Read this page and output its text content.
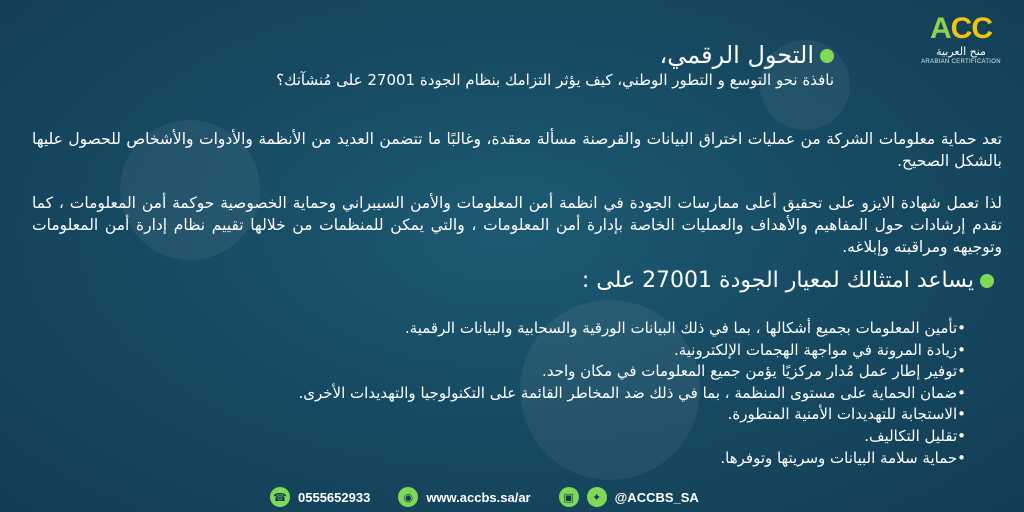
ACC
منح العربية
ARABIAN CERTIFICATION
التحول الرقمي،
نافذة نحو التوسع و التطور الوطني، كيف يؤثر التزامك بنظام الجودة 27001 على مُنشآتك؟
تعد حماية معلومات الشركة من عمليات اختراق البيانات والقرصنة مسألة معقدة، وغالبًا ما تتضمن العديد من الأنظمة والأدوات والأشخاص للحصول عليها بالشكل الصحيح.
لذا تعمل شهادة الايزو على تحقيق أعلى ممارسات الجودة في انظمة أمن المعلومات والأمن السيبراني وحماية الخصوصية حوكمة أمن المعلومات ، كما تقدم إرشادات حول المفاهيم والأهداف والعمليات الخاصة بإدارة أمن المعلومات ، والتي يمكن للمنظمات من خلالها تقييم نظام إدارة أمن المعلومات وتوجيهه ومراقبته وإبلاغه.
يساعد امتثالك لمعيار الجودة 27001 على :
•تأمين المعلومات بجميع أشكالها ، بما في ذلك البيانات الورقية والسحابية والبيانات الرقمية.
•زيادة المرونة في مواجهة الهجمات الإلكترونية.
•توفير إطار عمل مُدار مركزيًا يؤمن جميع المعلومات في مكان واحد.
•ضمان الحماية على مستوى المنظمة ، بما في ذلك ضد المخاطر القائمة على التكنولوجيا والتهديدات الأخرى.
•الاستجابة للتهديدات الأمنية المتطورة.
•تقليل التكاليف.
•حماية سلامة البيانات وسريتها وتوفرها.
☎ 0555652933	◉	www.accbs.sa/ar	▣	✦	@ACCBS_SA
